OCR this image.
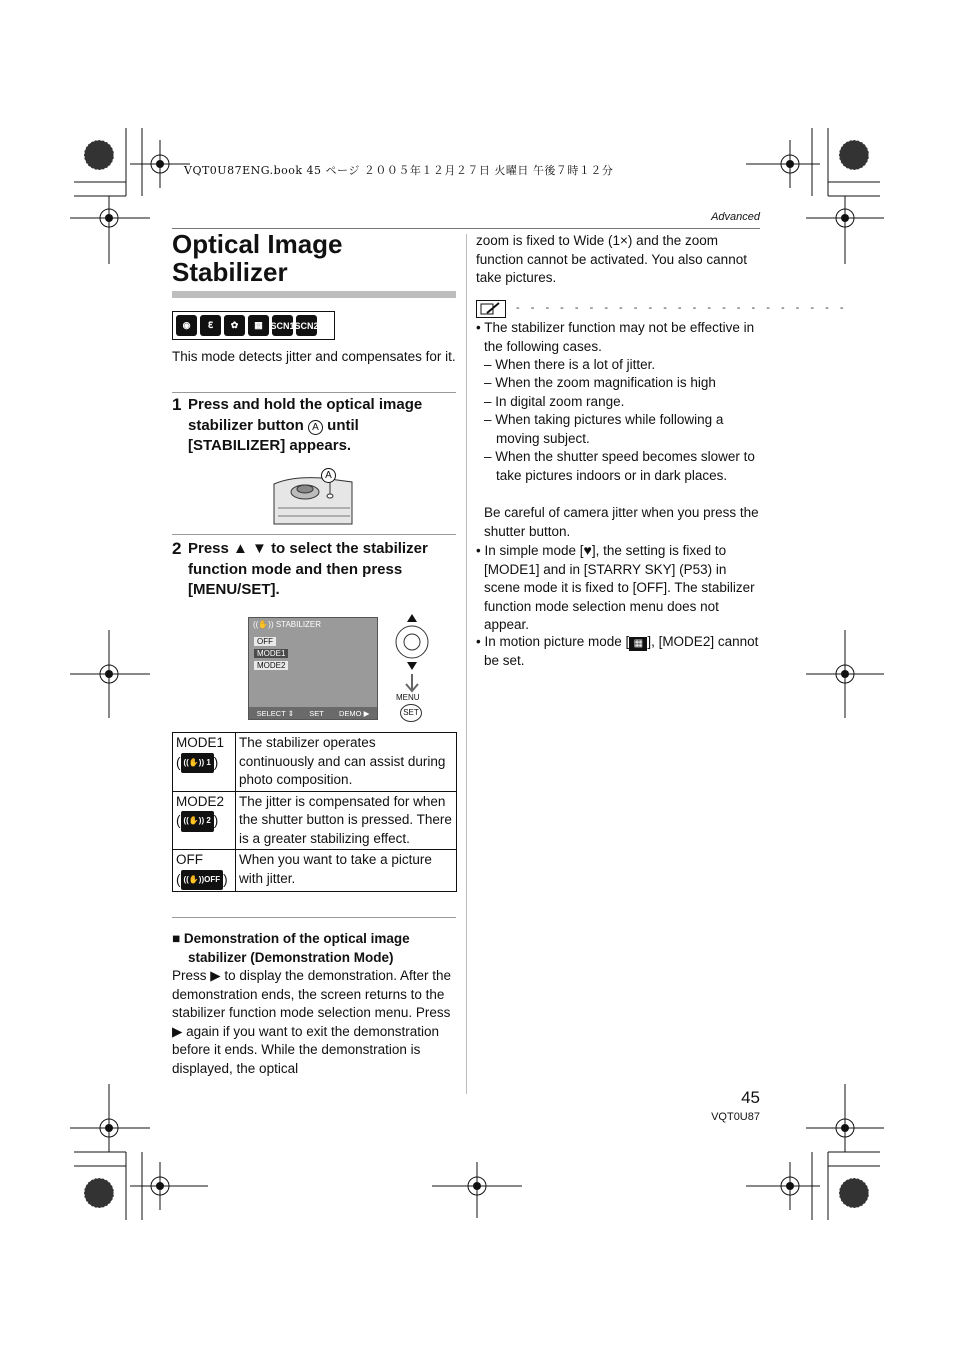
VQT0U87ENG.book 45 ページ ２００５年１２月２７日 火曜日 午後７時１２分
Advanced
Optical Image Stabilizer
◉	ℇ	✿	▦ SCN1 SCN2

This mode detects jitter and compensates for it.

1 Press and hold the optical image stabilizer button A until [STABILIZER] appears.
A
2 Press ▲ ▼ to select the stabilizer function mode and then press [MENU/SET].
((✋)) STABILIZER
OFF
MODE1
MODE2
SELECT ⇕ SET DEMO ▶
MENU
SET
MODE1
( ((✋)) 1 )	The stabilizer operates continuously and can assist during photo composition.
MODE2
( ((✋)) 2 )	The jitter is compensated for when the shutter button is pressed. There is a greater stabilizing effect.
OFF
( ((✋))OFF )	When you want to take a picture with jitter.
■ Demonstration of the optical image stabilizer (Demonstration Mode)

Press ▶ to display the demonstration. After the demonstration ends, the screen returns to the stabilizer function mode selection menu. Press ▶ again if you want to exit the demonstration before it ends. While the demonstration is displayed, the optical

zoom is fixed to Wide (1×) and the zoom function cannot be activated. You also cannot take pictures.

- - - - - - - - - - - - - - - - - - - - - - -
• The stabilizer function may not be effective in the following cases.
– When there is a lot of jitter.
– When the zoom magnification is high
– In digital zoom range.
– When taking pictures while following a moving subject.
– When the shutter speed becomes slower to take pictures indoors or in dark places.

Be careful of camera jitter when you press the shutter button.

• In simple mode [♥], the setting is fixed to [MODE1] and in [STARRY SKY] (P53) in scene mode it is fixed to [OFF]. The stabilizer function mode selection menu does not appear.
• In motion picture mode [ ▦ ], [MODE2] cannot be set.
45
VQT0U87
